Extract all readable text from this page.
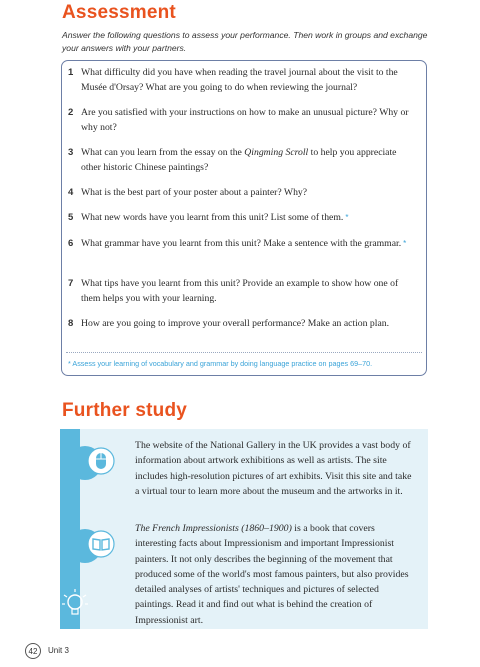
Assessment
Answer the following questions to assess your performance. Then work in groups and exchange your answers with your partners.
1 What difficulty did you have when reading the travel journal about the visit to the Musée d'Orsay? What are you going to do when reviewing the journal?
2 Are you satisfied with your instructions on how to make an unusual picture? Why or why not?
3 What can you learn from the essay on the Qingming Scroll to help you appreciate other historic Chinese paintings?
4 What is the best part of your poster about a painter? Why?
5 What new words have you learnt from this unit? List some of them. *
6 What grammar have you learnt from this unit? Make a sentence with the grammar. *
7 What tips have you learnt from this unit? Provide an example to show how one of them helps you with your learning.
8 How are you going to improve your overall performance? Make an action plan.
* Assess your learning of vocabulary and grammar by doing language practice on pages 69–70.
Further study
The website of the National Gallery in the UK provides a vast body of information about artwork exhibitions as well as artists. The site includes high-resolution pictures of art exhibits. Visit this site and take a virtual tour to learn more about the museum and the artworks in it.
The French Impressionists (1860–1900) is a book that covers interesting facts about Impressionism and important Impressionist painters. It not only describes the beginning of the movement that produced some of the world's most famous painters, but also provides detailed analyses of artists' techniques and pictures of selected paintings. Read it and find out what is behind the creation of Impressionist art.
42	Unit 3
